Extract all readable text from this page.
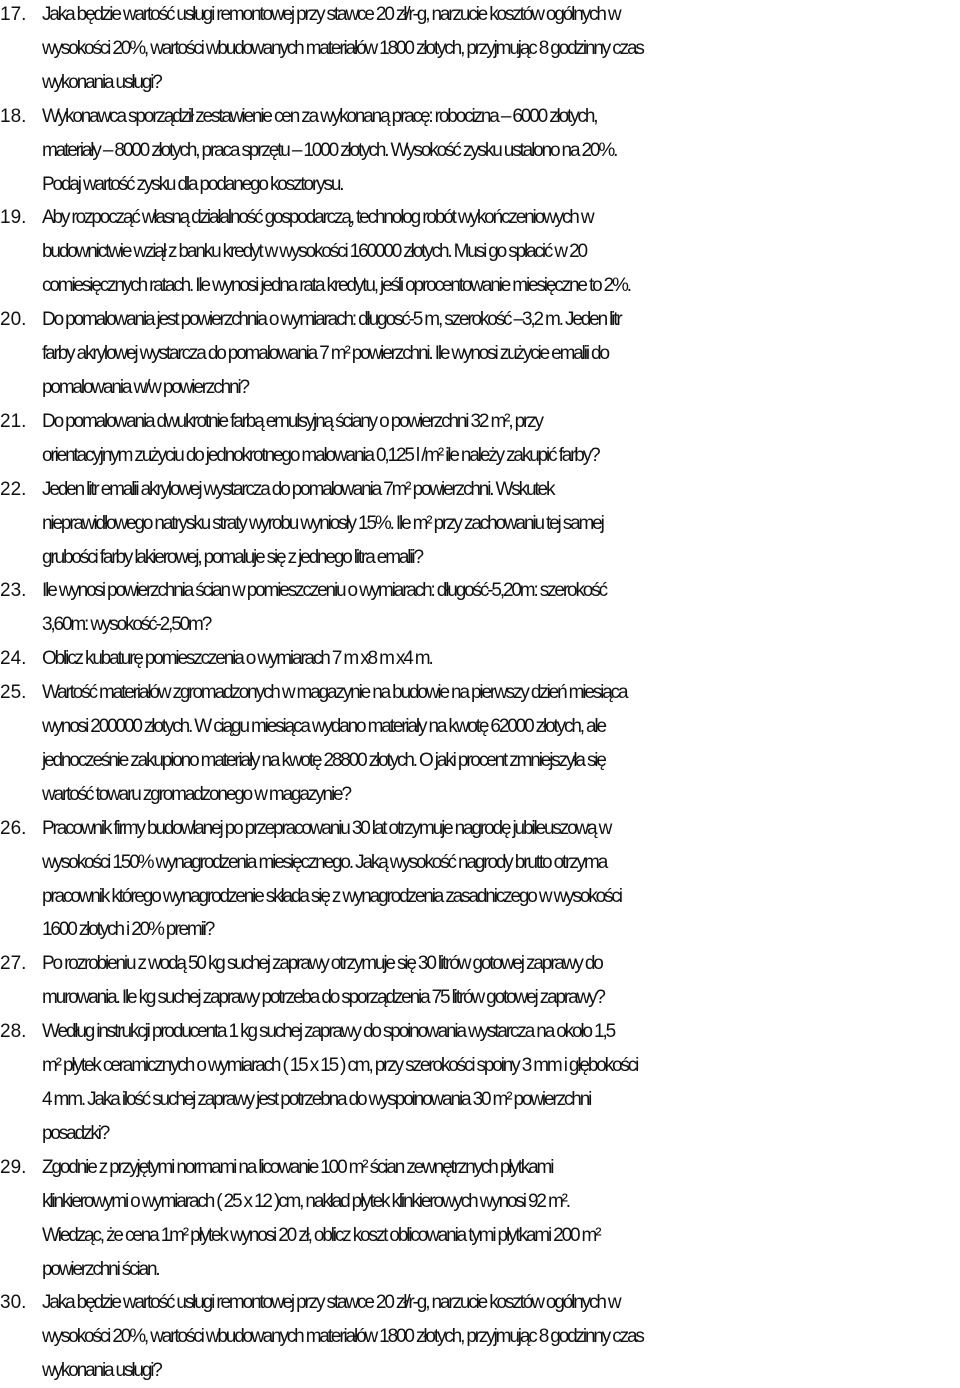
17. Jaka będzie wartość usługi remontowej przy stawce 20 zł/r-g, narzucie kosztów ogólnych w
wysokości 20%, wartości wbudowanych materiałów 1800 złotych, przyjmując 8 godzinny czas
wykonania usługi?
18. Wykonawca sporządził zestawienie cen za wykonaną pracę: robocizna – 6000 złotych,
materiały – 8000 złotych, praca sprzętu – 1000 złotych. Wysokość zysku ustalono na 20%.
Podaj wartość zysku dla podanego kosztorysu.
19. Aby rozpocząć własną działalność gospodarczą, technolog robót wykończeniowych w
budownictwie wziął z banku kredyt w wysokości 160000 złotych. Musi go spłacić w 20
comiesięcznych ratach. Ile wynosi jedna rata kredytu, jeśli oprocentowanie miesięczne to 2%.
20. Do pomalowania jest powierzchnia o wymiarach: długosć-5 m, szerokość –3,2 m. Jeden litr
farby akrylowej wystarcza do pomalowania 7 m² powierzchni. Ile wynosi zużycie emalii do
pomalowania w/w powierzchni?
21. Do pomalowania dwukrotnie farbą emulsyjną ściany o powierzchni 32 m², przy
orientacyjnym zużyciu do jednokrotnego malowania 0,125 l /m² ile należy zakupić farby?
22. Jeden litr emalii akrylowej wystarcza do pomalowania 7m² powierzchni. Wskutek
nieprawidłowego natrysku straty wyrobu wyniosły 15%. Ile m² przy zachowaniu tej samej
grubości farby lakierowej, pomaluje się z jednego litra emalii?
23. Ile wynosi powierzchnia ścian w pomieszczeniu o wymiarach: długość-5,20m: szerokość
3,60m: wysokość-2,50m?
24. Oblicz kubaturę pomieszczenia o wymiarach 7 m x8 m x4 m.
25. Wartość materiałów zgromadzonych w magazynie na budowie na pierwszy dzień miesiąca
wynosi 200000 złotych. W ciągu miesiąca wydano materiały na kwotę 62000 złotych, ale
jednocześnie zakupiono materiały na kwotę 28800 złotych. O jaki procent zmniejszyła się
wartość towaru zgromadzonego w magazynie?
26. Pracownik firmy budowlanej po przepracowaniu 30 lat otrzymuje nagrodę jubileuszową w
wysokości 150% wynagrodzenia miesięcznego. Jaką wysokość nagrody brutto otrzyma
pracownik którego wynagrodzenie składa się z wynagrodzenia zasadniczego w wysokości
1600 złotych i 20% premii?
27. Po rozrobieniu z wodą 50 kg suchej zaprawy otrzymuje się 30 litrów gotowej zaprawy do
murowania. Ile kg suchej zaprawy potrzeba do sporządzenia 75 litrów gotowej zaprawy?
28. Według instrukcji producenta 1 kg suchej zaprawy do spoinowania wystarcza na około 1,5
m² płytek ceramicznych o wymiarach ( 15 x 15 ) cm, przy szerokości spoiny 3 mm i głębokości
4 mm. Jaka ilość suchej zaprawy jest potrzebna do wyspoinowania 30 m² powierzchni
posadzki?
29. Zgodnie z przyjętymi normami na licowanie 100 m² ścian zewnętrznych płytkami
klinkierowymi o wymiarach ( 25 x 12 )cm, nakład płytek klinkierowych wynosi 92 m².
Wiedząc, że cena 1m² płytek wynosi 20 zł, oblicz koszt oblicowania tymi płytkami 200 m²
powierzchni ścian.
30. Jaka będzie wartość usługi remontowej przy stawce 20 zł/r-g, narzucie kosztów ogólnych w
wysokości 20%, wartości wbudowanych materiałów 1800 złotych, przyjmując 8 godzinny czas
wykonania usługi?
